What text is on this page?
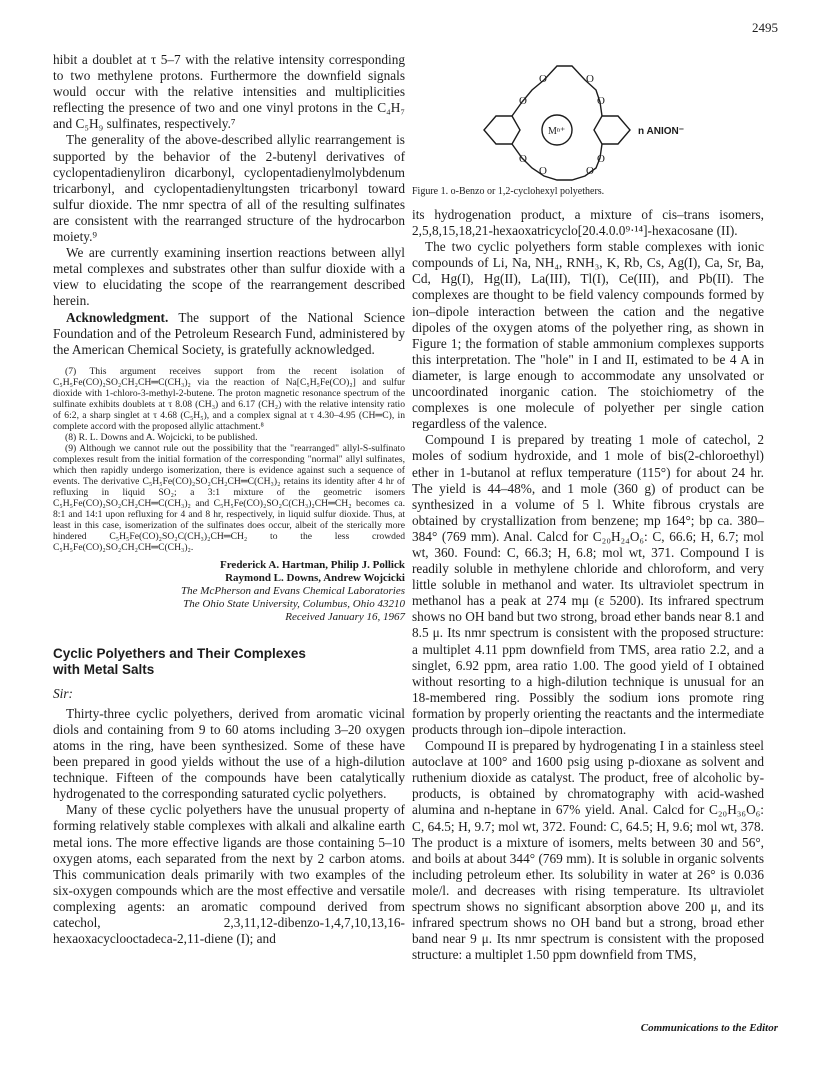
2495

hibit a doublet at τ 5–7 with the relative intensity corresponding to two methylene protons. Furthermore the downfield signals would occur with the relative intensities and multiplicities reflecting the presence of two and one vinyl protons in the C₄H₇ and C₅H₉ sulfinates, respectively.⁷

The generality of the above-described allylic rearrangement is supported by the behavior of the 2-butenyl derivatives of cyclopentadienyliron dicarbonyl, cyclopentadienylmolybdenum tricarbonyl, and cyclopentadienyltungsten tricarbonyl toward sulfur dioxide. The nmr spectra of all of the resulting sulfinates are consistent with the rearranged structure of the hydrocarbon moiety.⁹

We are currently examining insertion reactions between allyl metal complexes and substrates other than sulfur dioxide with a view to elucidating the scope of the rearrangement described herein.

Acknowledgment. The support of the National Science Foundation and of the Petroleum Research Fund, administered by the American Chemical Society, is gratefully acknowledged.

(7) This argument receives support from the recent isolation of C₅H₅Fe(CO)₂SO₂CH₂CH═C(CH₃)₂ via the reaction of Na[C₅H₅Fe(CO)₂] and sulfur dioxide with 1-chloro-3-methyl-2-butene. The proton magnetic resonance spectrum of the sulfinate exhibits doublets at τ 8.08 (CH₃) and 6.17 (CH₂) with the relative intensity ratio of 6:2, a sharp singlet at τ 4.68 (C₅H₅), and a complex signal at τ 4.30–4.95 (CH═C), in complete accord with the proposed allylic attachment.⁸

(8) R. L. Downs and A. Wojcicki, to be published.

(9) Although we cannot rule out the possibility that the "rearranged" allyl-S-sulfinato complexes result from the initial formation of the corresponding "normal" allyl sulfinates, which then rapidly undergo isomerization, there is evidence against such a sequence of events. The derivative C₅H₅Fe(CO)₂SO₂CH₂CH═C(CH₃)₂ retains its identity after 4 hr of refluxing in liquid SO₂; a 3:1 mixture of the geometric isomers C₅H₅Fe(CO)₂SO₂CH₂CH═C(CH₃)₂ and C₅H₅Fe(CO)₂SO₂C(CH₃)₂CH═CH₂ becomes ca. 8:1 and 14:1 upon refluxing for 4 and 8 hr, respectively, in liquid sulfur dioxide. Thus, at least in this case, isomerization of the sulfinates does occur, albeit of the sterically more hindered C₅H₅Fe(CO)₂SO₂C(CH₃)₂CH═CH₂ to the less crowded C₅H₅Fe(CO)₂SO₂CH₂CH═C(CH₃)₂.

Frederick A. Hartman, Philip J. Pollick
Raymond L. Downs, Andrew Wojcicki
The McPherson and Evans Chemical Laboratories
The Ohio State University, Columbus, Ohio 43210
Received January 16, 1967
Cyclic Polyethers and Their Complexes
with Metal Salts
Sir:

Thirty-three cyclic polyethers, derived from aromatic vicinal diols and containing from 9 to 60 atoms including 3–20 oxygen atoms in the ring, have been synthesized. Some of these have been prepared in good yields without the use of a high-dilution technique. Fifteen of the compounds have been catalytically hydrogenated to the corresponding saturated cyclic polyethers.

Many of these cyclic polyethers have the unusual property of forming relatively stable complexes with alkali and alkaline earth metal ions. The more effective ligands are those containing 5–10 oxygen atoms, each separated from the next by 2 carbon atoms. This communication deals primarily with two examples of the six-oxygen compounds which are the most effective and versatile complexing agents: an aromatic compound derived from catechol, 2,3,11,12-dibenzo-1,4,7,10,13,16-hexaoxacyclooctadeca-2,11-diene (I); and

O
O	O
O
O
O	O
O
Mⁿ⁺	n ANION⁻
Figure 1. o-Benzo or 1,2-cyclohexyl polyethers.

its hydrogenation product, a mixture of cis–trans isomers, 2,5,8,15,18,21-hexaoxatricyclo[20.4.0.0⁹·¹⁴]-hexacosane (II).

The two cyclic polyethers form stable complexes with ionic compounds of Li, Na, NH₄, RNH₃, K, Rb, Cs, Ag(I), Ca, Sr, Ba, Cd, Hg(I), Hg(II), La(III), Tl(I), Ce(III), and Pb(II). The complexes are thought to be field valency compounds formed by ion–dipole interaction between the cation and the negative dipoles of the oxygen atoms of the polyether ring, as shown in Figure 1; the formation of stable ammonium complexes supports this interpretation. The "hole" in I and II, estimated to be 4 A in diameter, is large enough to accommodate any unsolvated or uncoordinated inorganic cation. The stoichiometry of the complexes is one molecule of polyether per single cation regardless of the valence.

Compound I is prepared by treating 1 mole of catechol, 2 moles of sodium hydroxide, and 1 mole of bis(2-chloroethyl) ether in 1-butanol at reflux temperature (115°) for about 24 hr. The yield is 44–48%, and 1 mole (360 g) of product can be synthesized in a volume of 5 l. White fibrous crystals are obtained by crystallization from benzene; mp 164°; bp ca. 380–384° (769 mm). Anal. Calcd for C₂₀H₂₄O₆: C, 66.6; H, 6.7; mol wt, 360. Found: C, 66.3; H, 6.8; mol wt, 371. Compound I is readily soluble in methylene chloride and chloroform, and very little soluble in methanol and water. Its ultraviolet spectrum in methanol has a peak at 274 mμ (ε 5200). Its infrared spectrum shows no OH band but two strong, broad ether bands near 8.1 and 8.5 μ. Its nmr spectrum is consistent with the proposed structure: a multiplet 4.11 ppm downfield from TMS, area ratio 2.2, and a singlet, 6.92 ppm, area ratio 1.00. The good yield of I obtained without resorting to a high-dilution technique is unusual for an 18-membered ring. Possibly the sodium ions promote ring formation by properly orienting the reactants and the intermediate products through ion–dipole interaction.

Compound II is prepared by hydrogenating I in a stainless steel autoclave at 100° and 1600 psig using p-dioxane as solvent and ruthenium dioxide as catalyst. The product, free of alcoholic by-products, is obtained by chromatography with acid-washed alumina and n-heptane in 67% yield. Anal. Calcd for C₂₀H₃₆O₆: C, 64.5; H, 9.7; mol wt, 372. Found: C, 64.5; H, 9.6; mol wt, 378. The product is a mixture of isomers, melts between 30 and 56°, and boils at about 344° (769 mm). It is soluble in organic solvents including petroleum ether. Its solubility in water at 26° is 0.036 mole/l. and decreases with rising temperature. Its ultraviolet spectrum shows no significant absorption above 200 μ, and its infrared spectrum shows no OH band but a strong, broad ether band near 9 μ. Its nmr spectrum is consistent with the proposed structure: a multiplet 1.50 ppm downfield from TMS,

Communications to the Editor
